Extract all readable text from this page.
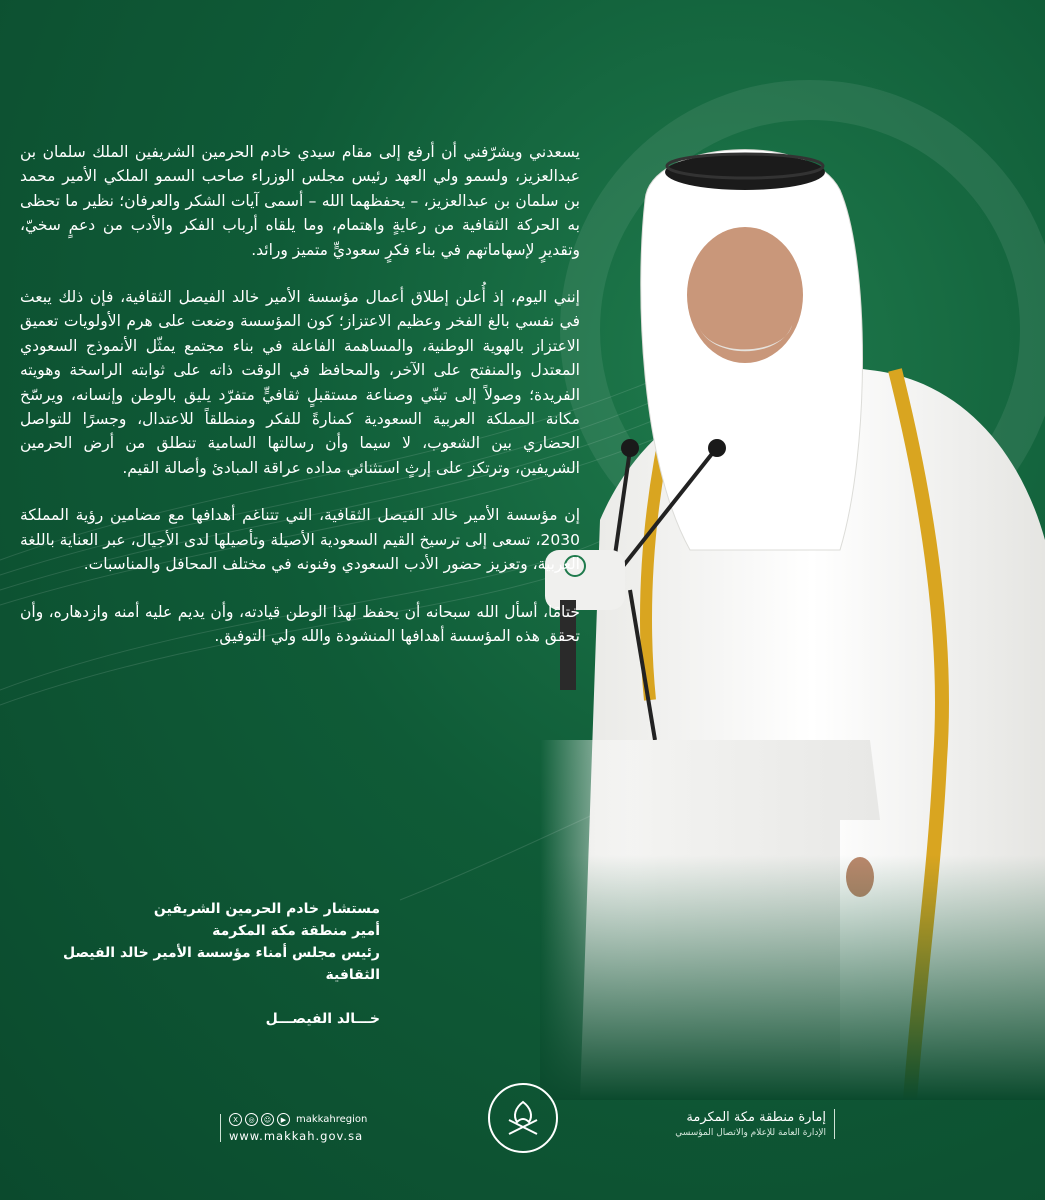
يسعدني ويشرّفني أن أرفع إلى مقام سيدي خادم الحرمين الشريفين الملك سلمان بن عبدالعزيز، ولسمو ولي العهد رئيس مجلس الوزراء صاحب السمو الملكي الأمير محمد بن سلمان بن عبدالعزيز، – يحفظهما الله – أسمى آيات الشكر والعرفان؛ نظير ما تحظى به الحركة الثقافية من رعايةٍ واهتمام، وما يلقاه أرباب الفكر والأدب من دعمٍ سخيّ، وتقديرٍ لإسهاماتهم في بناء فكرٍ سعوديٍّ متميز ورائد.

إنني اليوم، إذ أُعلن إطلاق أعمال مؤسسة الأمير خالد الفيصل الثقافية، فإن ذلك يبعث في نفسي بالغ الفخر وعظيم الاعتزاز؛ كون المؤسسة وضعت على هرم الأولويات تعميق الاعتزاز بالهوية الوطنية، والمساهمة الفاعلة في بناء مجتمع يمثّل الأنموذج السعودي المعتدل والمنفتح على الآخر، والمحافظ في الوقت ذاته على ثوابته الراسخة وهويته الفريدة؛ وصولاً إلى تبنّي وصناعة مستقبلٍ ثقافيٍّ متفرّد يليق بالوطن وإنسانه، ويرسّخ مكانة المملكة العربية السعودية كمنارةً للفكر ومنطلقاً للاعتدال، وجسرًا للتواصل الحضاري بين الشعوب، لا سيما وأن رسالتها السامية تنطلق من أرض الحرمين الشريفين، وترتكز على إرثٍ استثنائي مداده عراقة المبادئ وأصالة القيم.

إن مؤسسة الأمير خالد الفيصل الثقافية، التي تتناغم أهدافها مع مضامين رؤية المملكة 2030، تسعى إلى ترسيخ القيم السعودية الأصيلة وتأصيلها لدى الأجيال، عبر العناية باللغة العربية، وتعزيز حضور الأدب السعودي وفنونه في مختلف المحافل والمناسبات.

ختامًا، أسأل الله سبحانه أن يحفظ لهذا الوطن قيادته، وأن يديم عليه أمنه وازدهاره، وأن تحقق هذه المؤسسة أهدافها المنشودة والله ولي التوفيق.

مستشار خادم الحرمين الشريفين
أمير منطقة مكة المكرمة
رئيس مجلس أمناء مؤسسة الأمير خالد الفيصل الثقافية
خـــالد الفيصـــل
X	◎	☺	▶ makkahregion
www.makkah.gov.sa
إمارة منطقة مكة المكرمة
الإدارة العامة للإعلام والاتصال المؤسسي
